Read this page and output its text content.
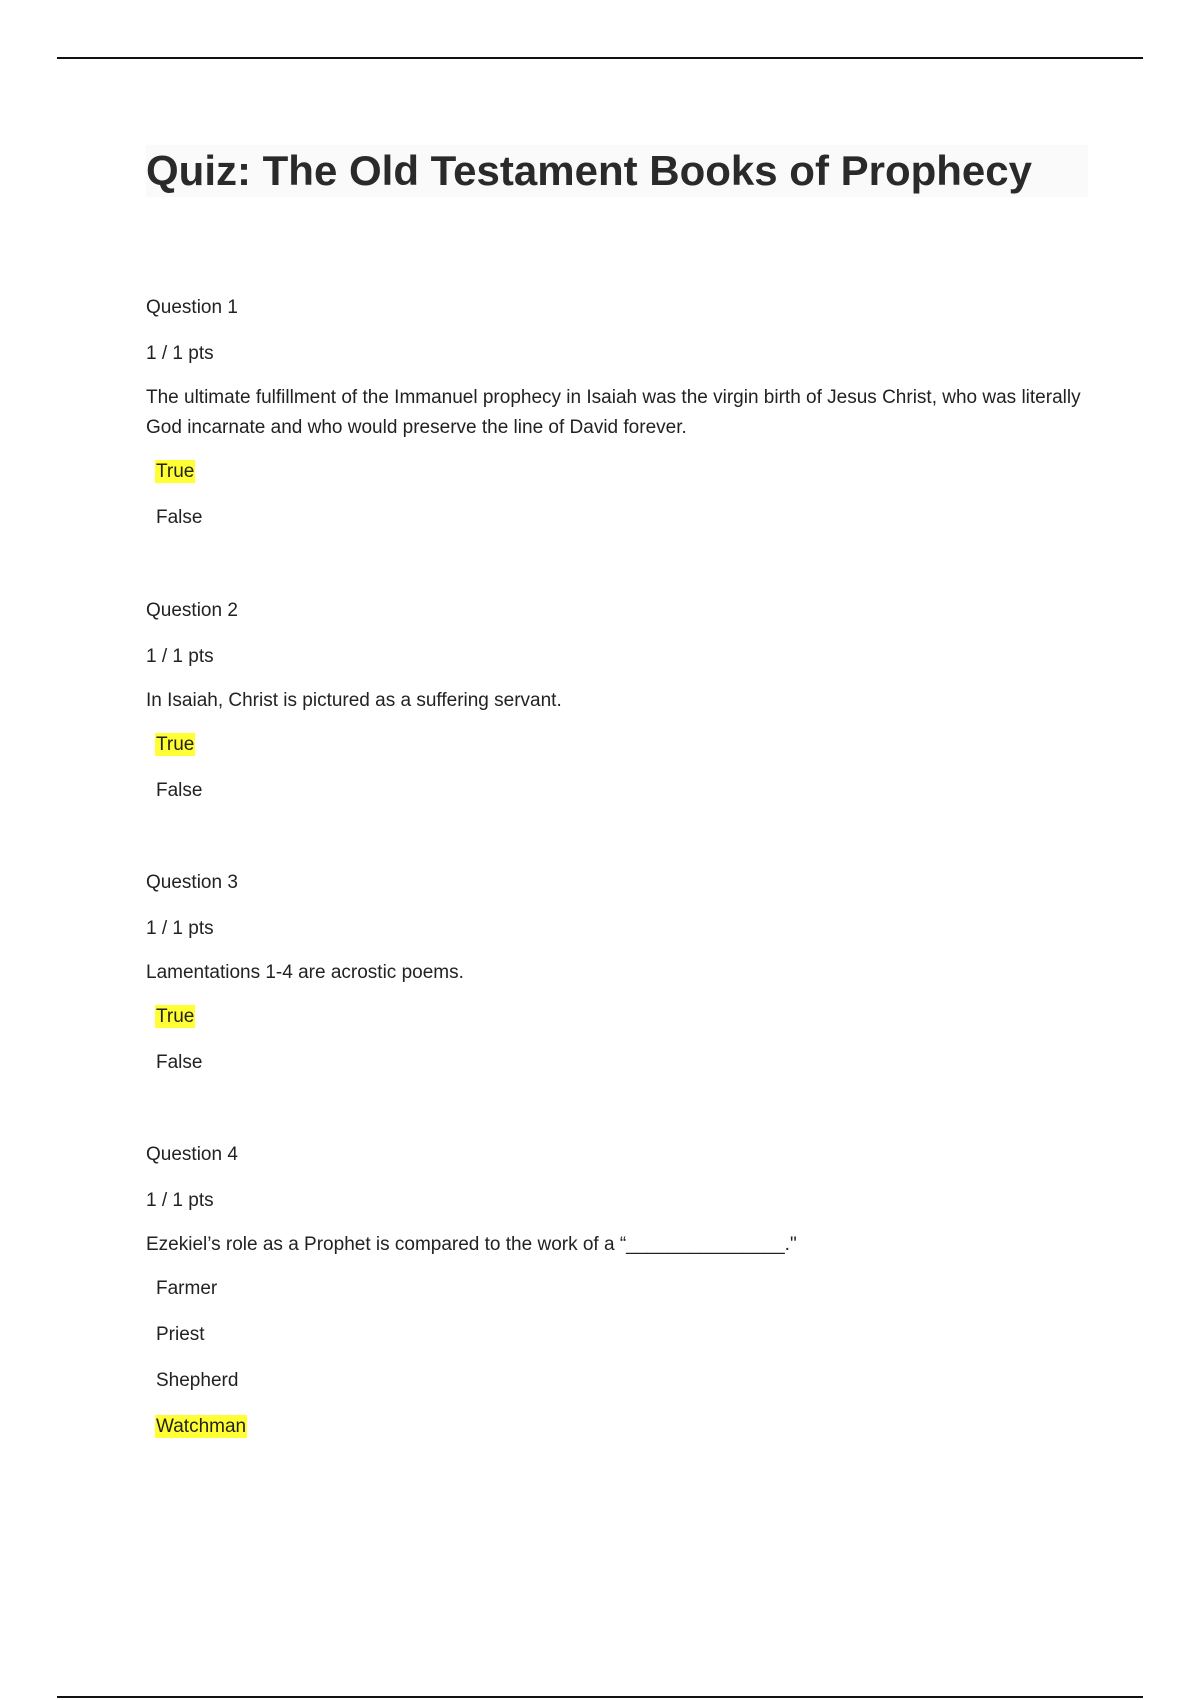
Quiz: The Old Testament Books of Prophecy
Question 1
1 / 1 pts
The ultimate fulfillment of the Immanuel prophecy in Isaiah was the virgin birth of Jesus Christ, who was literally God incarnate and who would preserve the line of David forever.
True
False
Question 2
1 / 1 pts
In Isaiah, Christ is pictured as a suffering servant.
True
False
Question 3
1 / 1 pts
Lamentations 1-4 are acrostic poems.
True
False
Question 4
1 / 1 pts
Ezekiel’s role as a Prophet is compared to the work of a “_______________."
Farmer
Priest
Shepherd
Watchman
